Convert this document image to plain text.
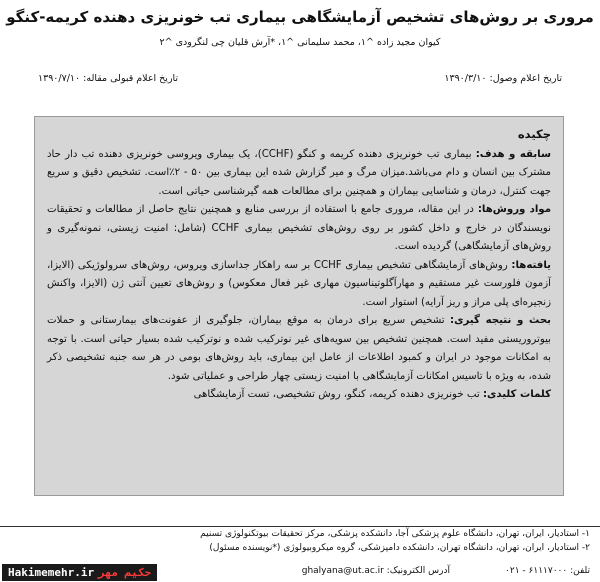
مروری بر روش‌های تشخیص آزمایشگاهی بیماری تب خونریزی دهنده کریمه-کنگو
کیوان مجید زاده ^۱، محمد سلیمانی ^۱، *آرش قلیان چی لنگرودی ^۲
تاریخ اعلام وصول: ۱۳۹۰/۳/۱۰
تاریخ اعلام قبولی مقاله: ۱۳۹۰/۷/۱۰
چکیده

سابقه و هدف: بیماری تب خونریزی دهنده کریمه و کنگو (CCHF)، یک بیماری ویروسی خونریزی دهنده تب دار حاد مشترک بین انسان و دام می‌باشد.میزان مرگ و میر گزارش شده این بیماری بین ۵۰ - ۲٪است. تشخیص دقیق و سریع جهت کنترل، درمان و شناسایی بیماران و همچنین برای مطالعات همه گیرشناسی حیاتی است.

مواد وروش‌ها: در این مقاله، مروری جامع با استفاده از بررسی منابع و همچنین نتایج حاصل از مطالعات و تحقیقات نویسندگان در خارج و داخل کشور بر روی روش‌های تشخیص بیماری CCHF (شامل: امنیت زیستی، نمونه‌گیری و روش‌های آزمایشگاهی) گردیده است.

یافته‌ها: روش‌های آزمایشگاهی تشخیص بیماری CCHF بر سه راهکار جداسازی ویروس، روش‌های سرولوژیکی (الایزا، آزمون فلورست غیر مستقیم و مهارآگلوتیناسیون مهاری غیر فعال معکوس) و روش‌های تعیین آنتی ژن (الایزا، واکنش زنجیره‌ای پلی مراز و ریز آرایه) استوار است.

بحث و نتیجه گیری: تشخیص سریع برای درمان به موقع بیماران، جلوگیری از عفونت‌های بیمارستانی و حملات بیوتروریستی مفید است. همچنین تشخیص بین سویه‌های غیر نوترکیب شده و نوترکیب شده بسیار حیاتی است. با توجه به امکانات موجود در ایران و کمبود اطلاعات از عامل این بیماری، باید روش‌های بومی در هر سه جنبه تشخیصی ذکر شده، به ویژه با تاسیس امکانات آزمایشگاهی با امنیت زیستی چهار طراحی و عملیاتی شود.

کلمات کلیدی: تب خونریزی دهنده کریمه، کنگو، روش تشخیصی، تست آزمایشگاهی

۱- استادیار، ایران، تهران، دانشگاه علوم پزشکی آجا، دانشکده پزشکی، مرکز تحقیقات بیوتکنولوژی تسنیم
۲- استادیار، ایران، تهران، دانشگاه تهران، دانشکده دامپزشکی، گروه میکروبیولوژی (*نویسنده مسئول)
تلفن: ۶۱۱۱۷۰۰۰ - ۰۲۱
آدرس الکترونیک: ghalyana@ut.ac.ir
Hakimemehr.ir حکیم مهر
